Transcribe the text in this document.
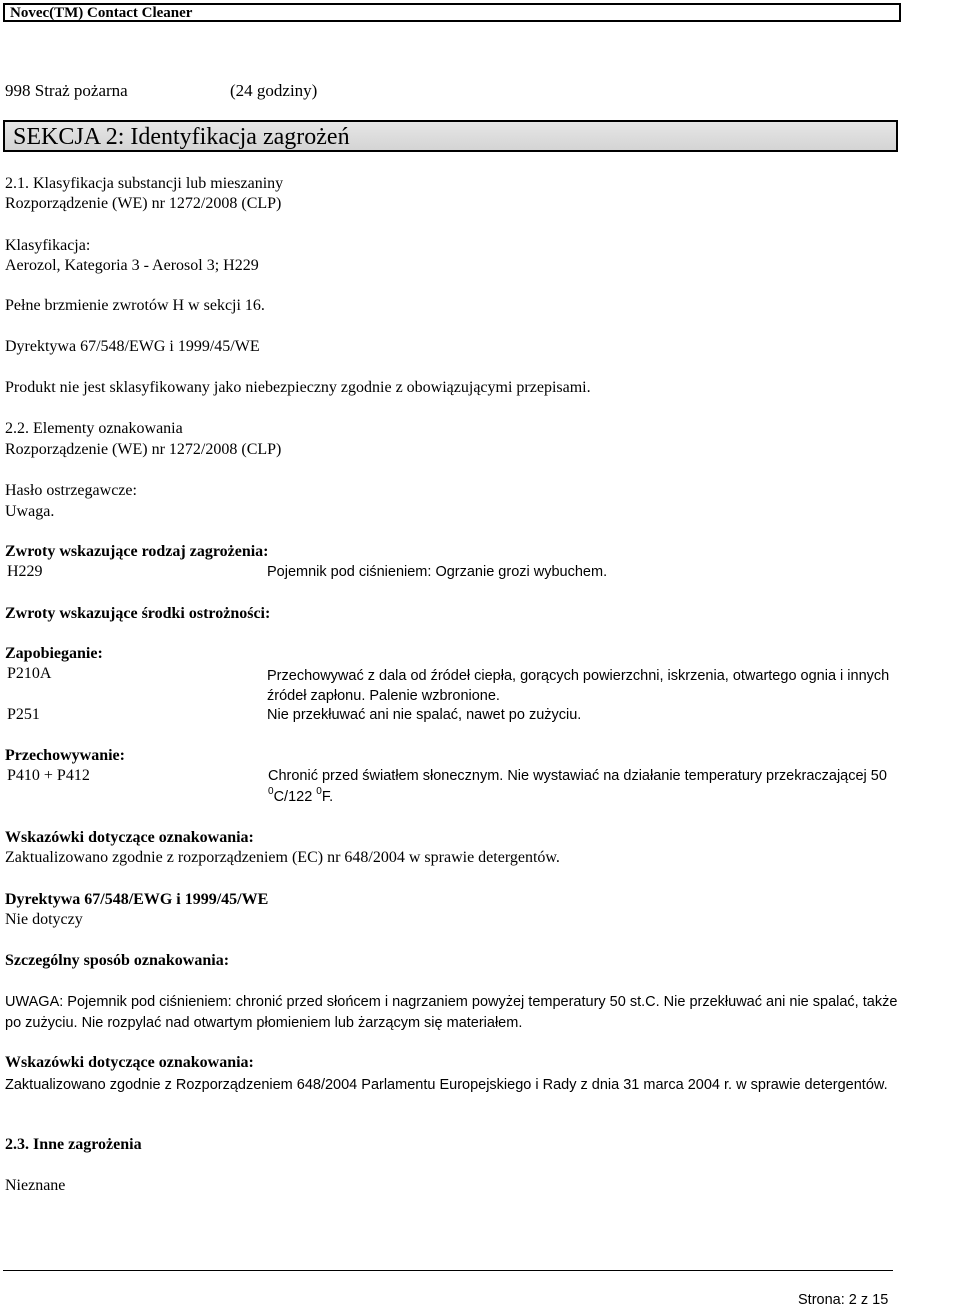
Novec(TM) Contact Cleaner
998 Straż pożarna	(24 godziny)
SEKCJA 2: Identyfikacja zagrożeń
2.1. Klasyfikacja substancji lub mieszaniny
Rozporządzenie (WE) nr 1272/2008 (CLP)
Klasyfikacja:
Aerozol, Kategoria 3 - Aerosol 3; H229
Pełne brzmienie zwrotów H w sekcji 16.
Dyrektywa 67/548/EWG i 1999/45/WE
Produkt nie jest sklasyfikowany jako niebezpieczny zgodnie z obowiązującymi przepisami.
2.2. Elementy oznakowania
Rozporządzenie (WE) nr 1272/2008 (CLP)
Hasło ostrzegawcze:
Uwaga.
Zwroty wskazujące rodzaj zagrożenia:
H229	Pojemnik pod ciśnieniem: Ogrzanie grozi wybuchem.
Zwroty wskazujące środki ostrożności:
Zapobieganie:
P210A	Przechowywać z dala od źródeł ciepła, gorących powierzchni, iskrzenia, otwartego ognia i innych źródeł zapłonu. Palenie wzbronione.
P251	Nie przekłuwać ani nie spalać, nawet po zużyciu.
Przechowywanie:
P410 + P412	Chronić przed światłem słonecznym. Nie wystawiać na działanie temperatury przekraczającej 50
$^0$C/122 $^0$F.
Wskazówki dotyczące oznakowania:
Zaktualizowano zgodnie z rozporządzeniem (EC) nr 648/2004 w sprawie detergentów.
Dyrektywa 67/548/EWG i 1999/45/WE
Nie dotyczy
Szczególny sposób oznakowania:
UWAGA: Pojemnik pod ciśnieniem: chronić przed słońcem i nagrzaniem powyżej temperatury 50 st.C. Nie przekłuwać ani nie spalać, także po zużyciu. Nie rozpylać nad otwartym płomieniem lub żarzącym się materiałem.
Wskazówki dotyczące oznakowania:
Zaktualizowano zgodnie z Rozporządzeniem 648/2004 Parlamentu Europejskiego i Rady z dnia 31 marca 2004 r. w sprawie detergentów.
2.3. Inne zagrożenia
Nieznane
Strona: 2 z 15
